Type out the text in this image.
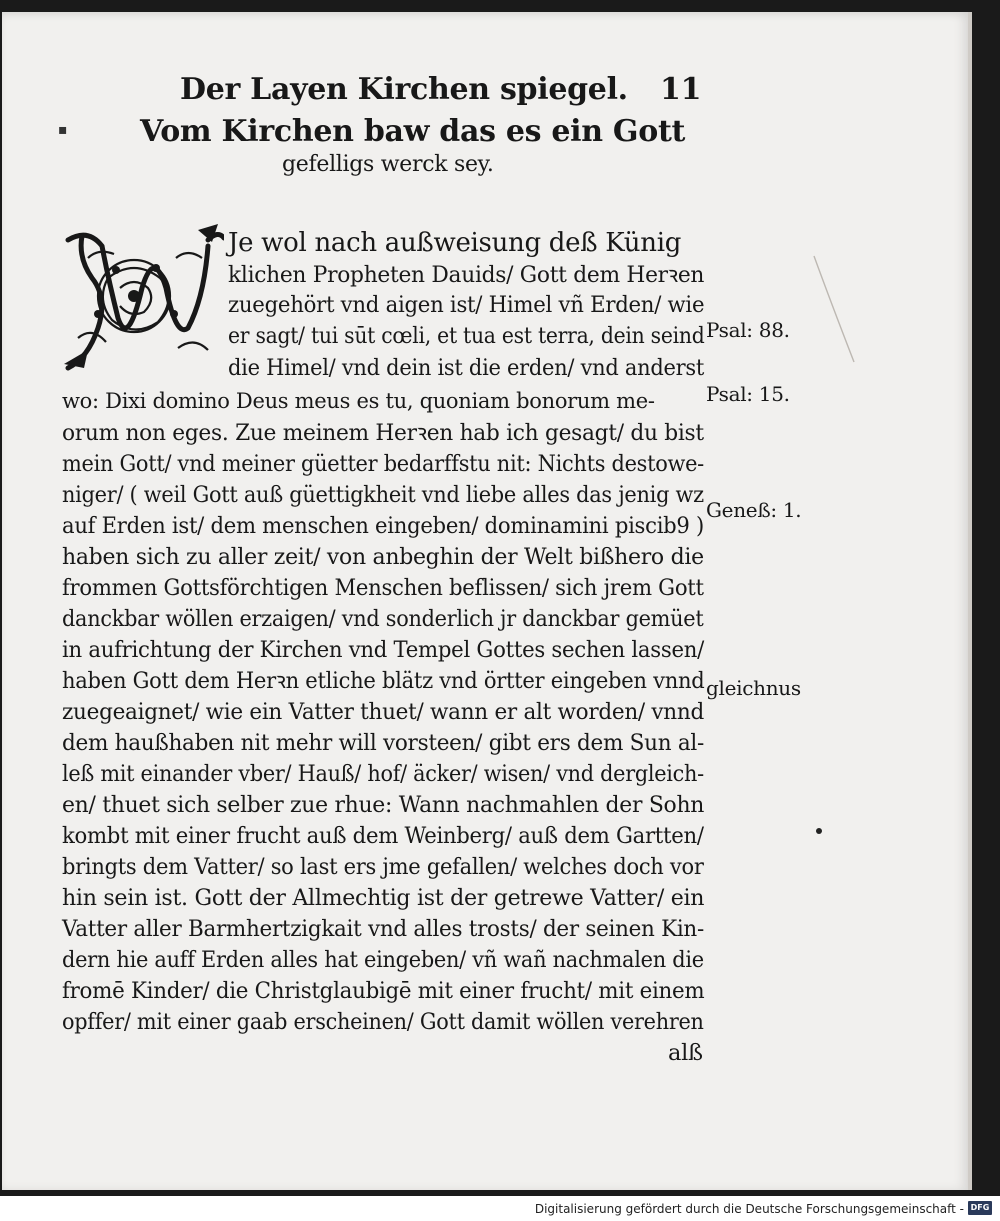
Der Layen Kirchen spiegel. 11
▪ Vom Kirchen baw das es ein Gott
gefelligs werck sey.
Je wol nach außweisung deß Künig
klichen Propheten Dauids/ Gott dem Herꝛen
zuegehört vnd aigen ist/ Himel vñ Erden/ wie
er sagt/ tui sūt cœli, et tua est terra, dein seind
die Himel/ vnd dein ist die erden/ vnd anderst
wo: Dixi domino Deus meus es tu, quoniam bonorum me-
orum non eges. Zue meinem Herꝛen hab ich gesagt/ du bist
mein Gott/ vnd meiner güetter bedarffstu nit: Nichts destowe-
niger/ ( weil Gott auß güettigkheit vnd liebe alles das jenig wz
auf Erden ist/ dem menschen eingeben/ dominamini piscib9 )
haben sich zu aller zeit/ von anbeghin der Welt bißhero die
frommen Gottsförchtigen Menschen beflissen/ sich jrem Gott
danckbar wöllen erzaigen/ vnd sonderlich jr danckbar gemüet
in aufrichtung der Kirchen vnd Tempel Gottes sechen lassen/
haben Gott dem Herꝛn etliche blätz vnd örtter eingeben vnnd
zuegeaignet/ wie ein Vatter thuet/ wann er alt worden/ vnnd
dem haußhaben nit mehr will vorsteen/ gibt ers dem Sun al-
leß mit einander vber/ Hauß/ hof/ äcker/ wisen/ vnd dergleich-
en/ thuet sich selber zue rhue: Wann nachmahlen der Sohn
kombt mit einer frucht auß dem Weinberg/ auß dem Gartten/
bringts dem Vatter/ so last ers jme gefallen/ welches doch vor
hin sein ist. Gott der Allmechtig ist der getrewe Vatter/ ein
Vatter aller Barmhertzigkait vnd alles trosts/ der seinen Kin-
dern hie auff Erden alles hat eingeben/ vñ wañ nachmalen die
fromē Kinder/ die Christglaubigē mit einer frucht/ mit einem
opffer/ mit einer gaab erscheinen/ Gott damit wöllen verehren
alß
Psal: 88.
Psal: 15.
Geneß: 1.
gleichnus
Digitalisierung gefördert durch die Deutsche Forschungsgemeinschaft - DFG
